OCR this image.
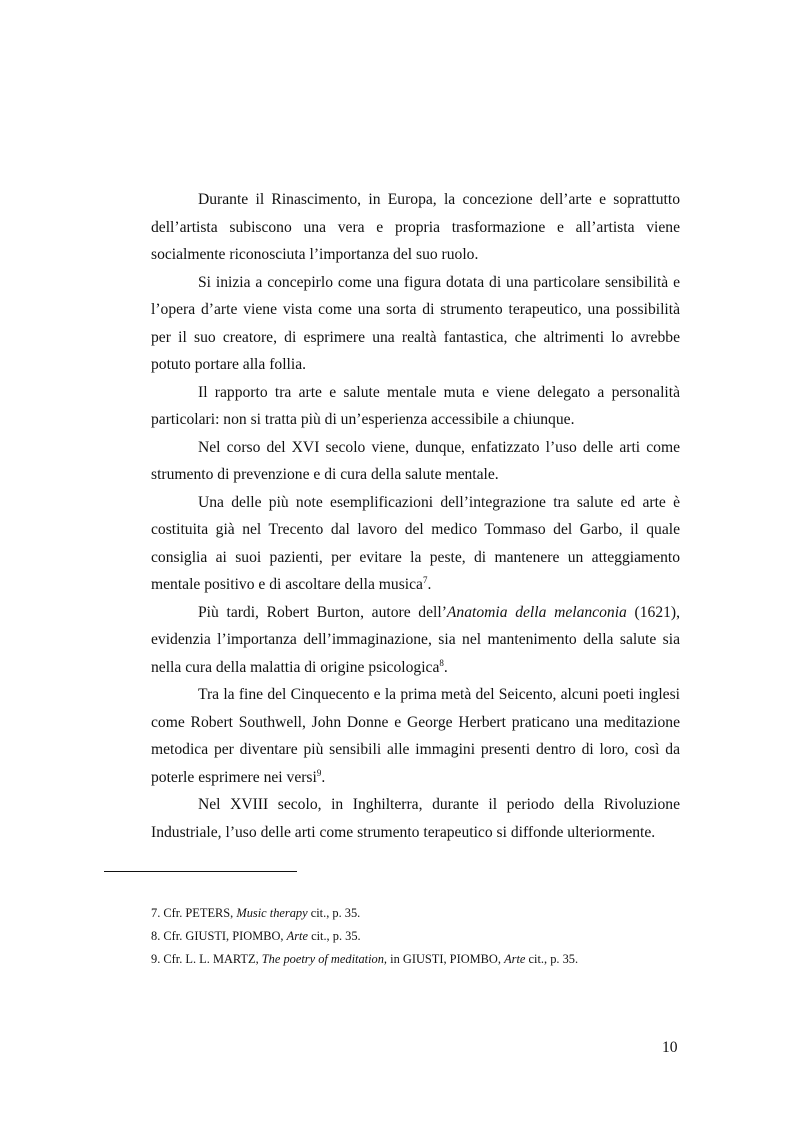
Durante il Rinascimento, in Europa, la concezione dell’arte e soprattutto dell’artista subiscono una vera e propria trasformazione e all’artista viene socialmente riconosciuta l’importanza del suo ruolo.

Si inizia a concepirlo come una figura dotata di una particolare sensibilità e l’opera d’arte viene vista come una sorta di strumento terapeutico, una possibilità per il suo creatore, di esprimere una realtà fantastica, che altrimenti lo avrebbe potuto portare alla follia.

Il rapporto tra arte e salute mentale muta e viene delegato a personalità particolari: non si tratta più di un’esperienza accessibile a chiunque.

Nel corso del XVI secolo viene, dunque, enfatizzato l’uso delle arti come strumento di prevenzione e di cura della salute mentale.

Una delle più note esemplificazioni dell’integrazione tra salute ed arte è costituita già nel Trecento dal lavoro del medico Tommaso del Garbo, il quale consiglia ai suoi pazienti, per evitare la peste, di mantenere un atteggiamento mentale positivo e di ascoltare della musica$^7$.

Più tardi, Robert Burton, autore dell’Anatomia della melanconia (1621), evidenzia l’importanza dell’immaginazione, sia nel mantenimento della salute sia nella cura della malattia di origine psicologica$^8$.

Tra la fine del Cinquecento e la prima metà del Seicento, alcuni poeti inglesi come Robert Southwell, John Donne e George Herbert praticano una meditazione metodica per diventare più sensibili alle immagini presenti dentro di loro, così da poterle esprimere nei versi$^9$.

Nel XVIII secolo, in Inghilterra, durante il periodo della Rivoluzione Industriale, l’uso delle arti come strumento terapeutico si diffonde ulteriormente.

7. Cfr. PETERS, Music therapy cit., p. 35.
8. Cfr. GIUSTI, PIOMBO, Arte cit., p. 35.
9. Cfr. L. L. MARTZ, The poetry of meditation, in GIUSTI, PIOMBO, Arte cit., p. 35.
10
